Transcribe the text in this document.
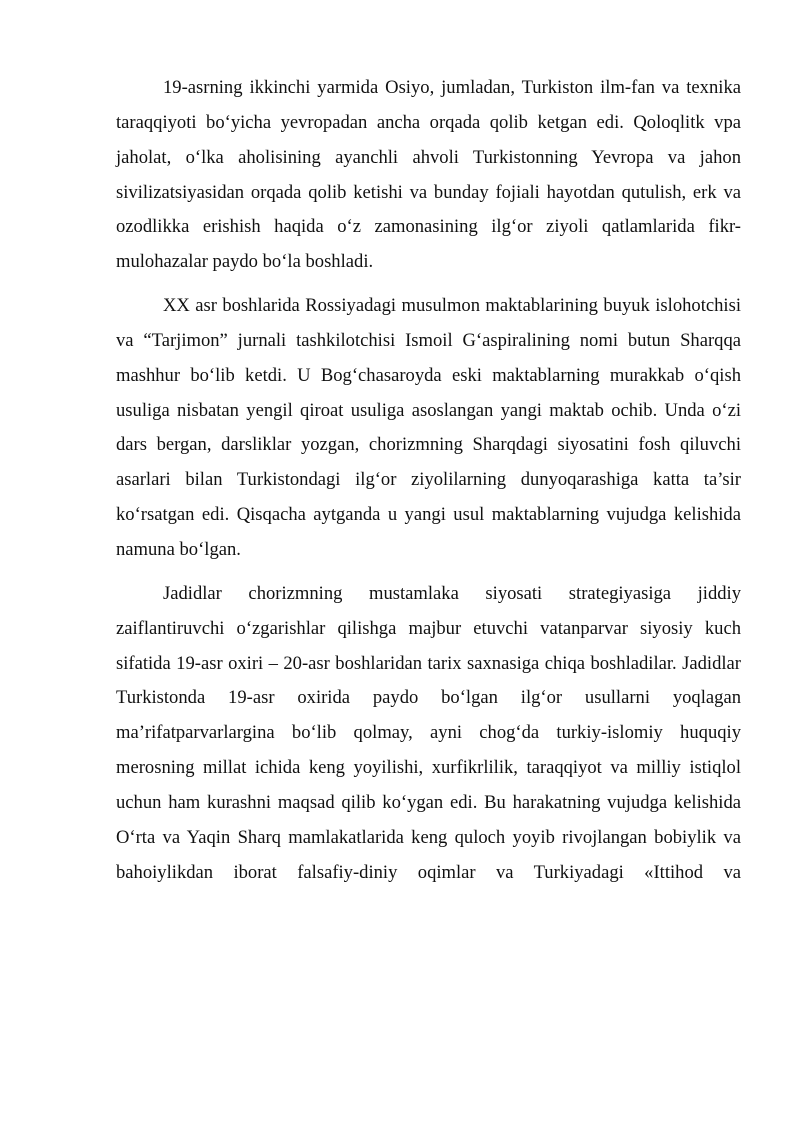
19-asrning ikkinchi yarmida Osiyo, jumladan, Turkiston ilm-fan va texnika taraqqiyoti bo‘yicha yevropadan ancha orqada qolib ketgan edi. Qoloqlitk vpa jaholat, o‘lka aholisining ayanchli ahvoli Turkistonning Yevropa va jahon sivilizatsiyasidan orqada qolib ketishi va bunday fojiali hayotdan qutulish, erk va ozodlikka erishish haqida o‘z zamonasining ilg‘or ziyoli qatlamlarida fikr-mulohazalar paydo bo‘la boshladi.

XX asr boshlarida Rossiyadagi musulmon maktablarining buyuk islohotchisi va “Tarjimon” jurnali tashkilotchisi Ismoil G‘aspiralining nomi butun Sharqqa mashhur bo‘lib ketdi. U Bog‘chasaroyda eski maktablarning murakkab o‘qish usuliga nisbatan yengil qiroat usuliga asoslangan yangi maktab ochib. Unda o‘zi dars bergan, darsliklar yozgan, chorizmning Sharqdagi siyosatini fosh qiluvchi asarlari bilan Turkistondagi ilg‘or ziyolilarning dunyoqarashiga katta ta’sir ko‘rsatgan edi. Qisqacha aytganda u yangi usul maktablarning vujudga kelishida namuna bo‘lgan.

Jadidlar chorizmning mustamlaka siyosati strategiyasiga jiddiy zaiflantiruvchi o‘zgarishlar qilishga majbur etuvchi vatanparvar siyosiy kuch sifatida 19-asr oxiri – 20-asr boshlaridan tarix saxnasiga chiqa boshladilar. Jadidlar Turkistonda 19-asr oxirida paydo bo‘lgan ilg‘or usullarni yoqlagan ma’rifatparvarlargina bo‘lib qolmay, ayni chog‘da turkiy-islomiy huquqiy merosning millat ichida keng yoyilishi, xurfikrlilik, taraqqiyot va milliy istiqlol uchun ham kurashni maqsad qilib ko‘ygan edi. Bu harakatning vujudga kelishida O‘rta va Yaqin Sharq mamlakatlarida keng quloch yoyib rivojlangan bobiylik va bahoiylikdan iborat falsafiy-diniy oqimlar va Turkiyadagi «Ittihod va
